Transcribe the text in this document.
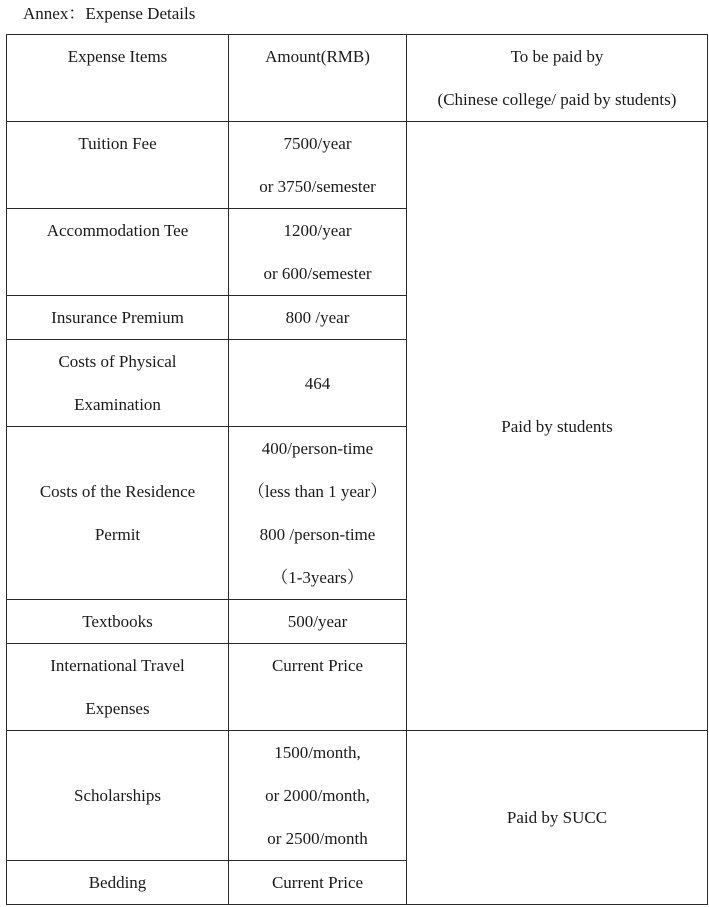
Annex：Expense Details
Expense Items	Amount(RMB)	To be paid by
(Chinese college/ paid by students)

Tuition Fee	7500/year
or 3750/semester	Paid by students

Accommodation Tee	1200/year
or 600/semester	

Insurance Premium	800 /year	

Costs of Physical
Examination	464	

Costs of the Residence
Permit	400/person-time
（less than 1 year）
800 /person-time
（1-3years）	

Textbooks	500/year	

International Travel
Expenses	Current Price	

Scholarships	1500/month,
or 2000/month,
or 2500/month	Paid by SUCC

Bedding	Current Price	
